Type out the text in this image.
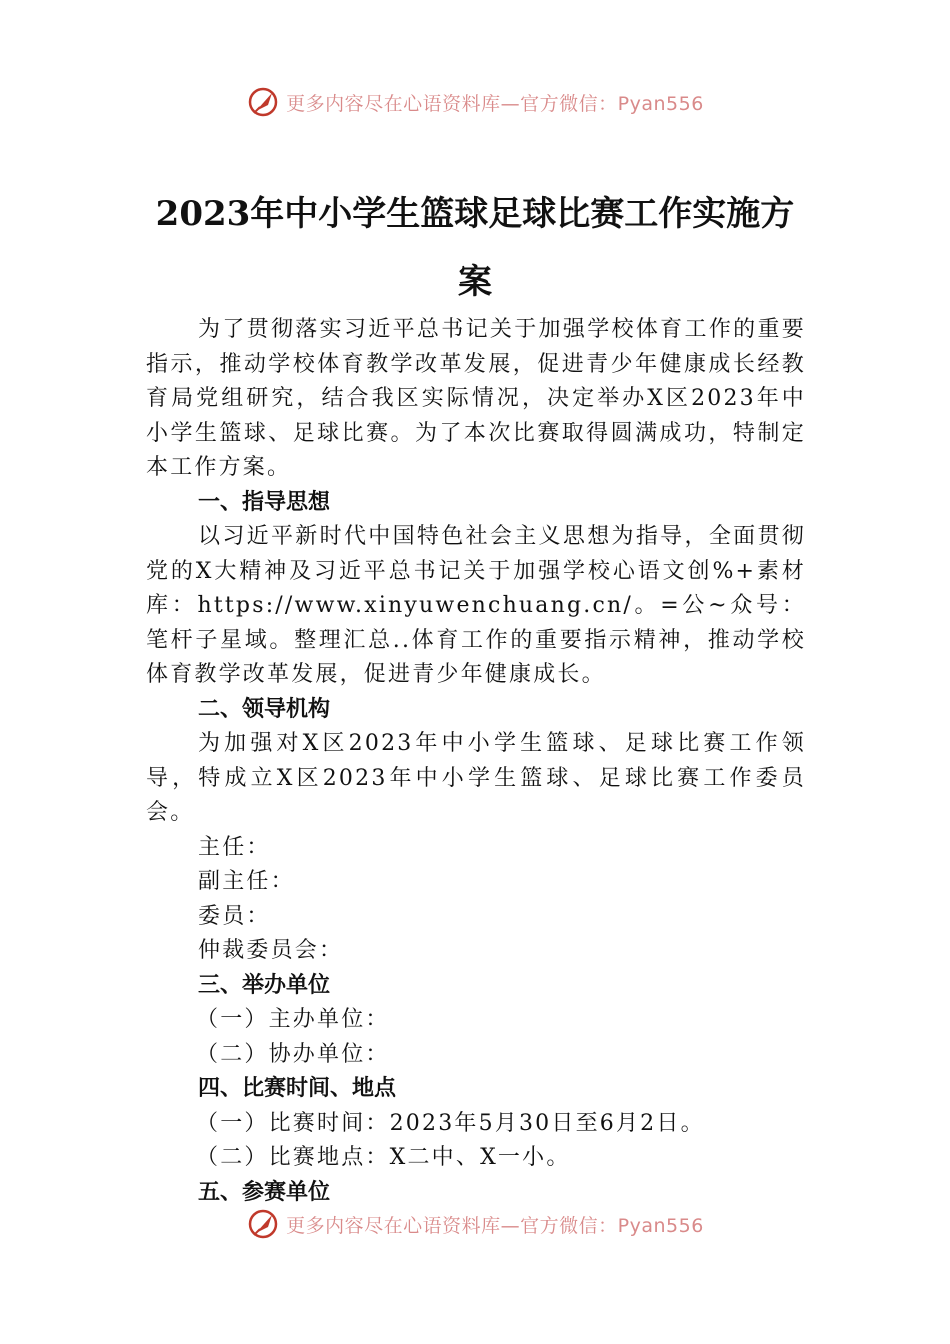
更多内容尽在心语资料库—官方微信：Pyan556
2023年中小学生篮球足球比赛工作实施方
案

为了贯彻落实习近平总书记关于加强学校体育工作的重要指示，推动学校体育教学改革发展，促进青少年健康成长经教育局党组研究，结合我区实际情况，决定举办X区2023年中小学生篮球、足球比赛。为了本次比赛取得圆满成功，特制定本工作方案。

一、指导思想

以习近平新时代中国特色社会主义思想为指导，全面贯彻党的X大精神及习近平总书记关于加强学校心语文创%+素材库：https://www.xinyuwenchuang.cn/。=公~众号：笔杆子星域。整理汇总..体育工作的重要指示精神，推动学校体育教学改革发展，促进青少年健康成长。

二、领导机构

为加强对X区2023年中小学生篮球、足球比赛工作领导，特成立X区2023年中小学生篮球、足球比赛工作委员会。

主任：

副主任：

委员：

仲裁委员会：

三、举办单位

（一）主办单位：

（二）协办单位：

四、比赛时间、地点

（一）比赛时间：2023年5月30日至6月2日。

（二）比赛地点：X二中、X一小。

五、参赛单位

更多内容尽在心语资料库—官方微信：Pyan556
